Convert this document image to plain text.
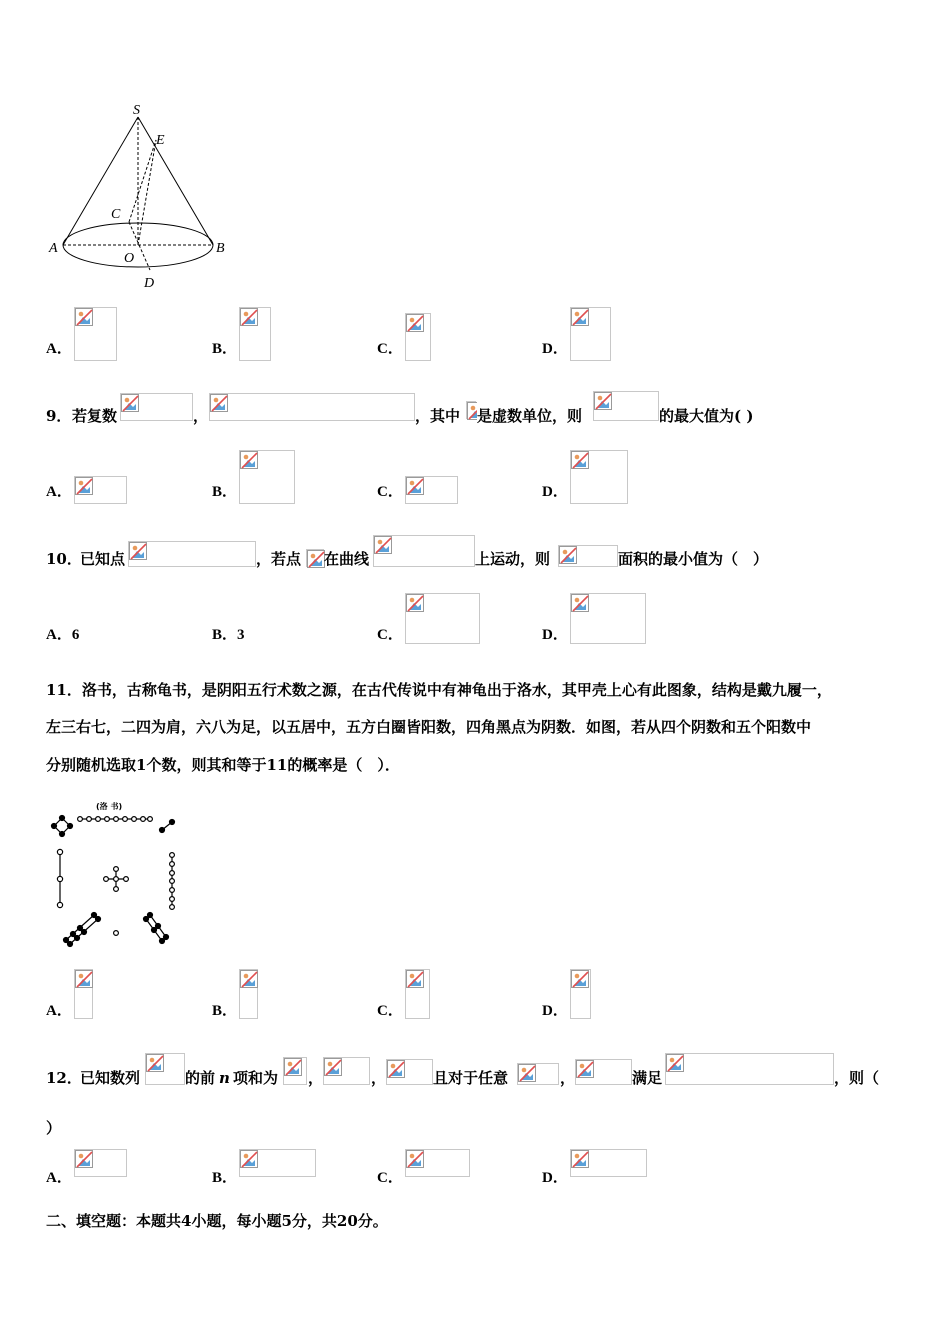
S
E
C
A
O
B
D
A．	B．	C．	D．
9． 若复数	，	，其中 是虚数单位，则	的最大值为( )
A．	B．	C．	D．
10．
已知点	，若点 在曲线	上运动，则	面积的最小值为（　）
A．6	B．3	C．	D．
11．洛书，古称龟书，是阴阳五行术数之源，在古代传说中有神龟出于洛水，其甲壳上心有此图象，结构是戴九履一，
左三右七，二四为肩，六八为足，以五居中，五方白圈皆阳数，四角黑点为阴数．如图，若从四个阴数和五个阳数中
分别随机选取1个数，则其和等于11的概率是（　）．
(洛 书)
A．	B．	C．	D．
12．
已知数列	的前 n 项和为 ，	，	且对于任意	，	满足	，则（
）
A．	B．	C．	D．
二、填空题：本题共4小题，每小题5分，共20分。
